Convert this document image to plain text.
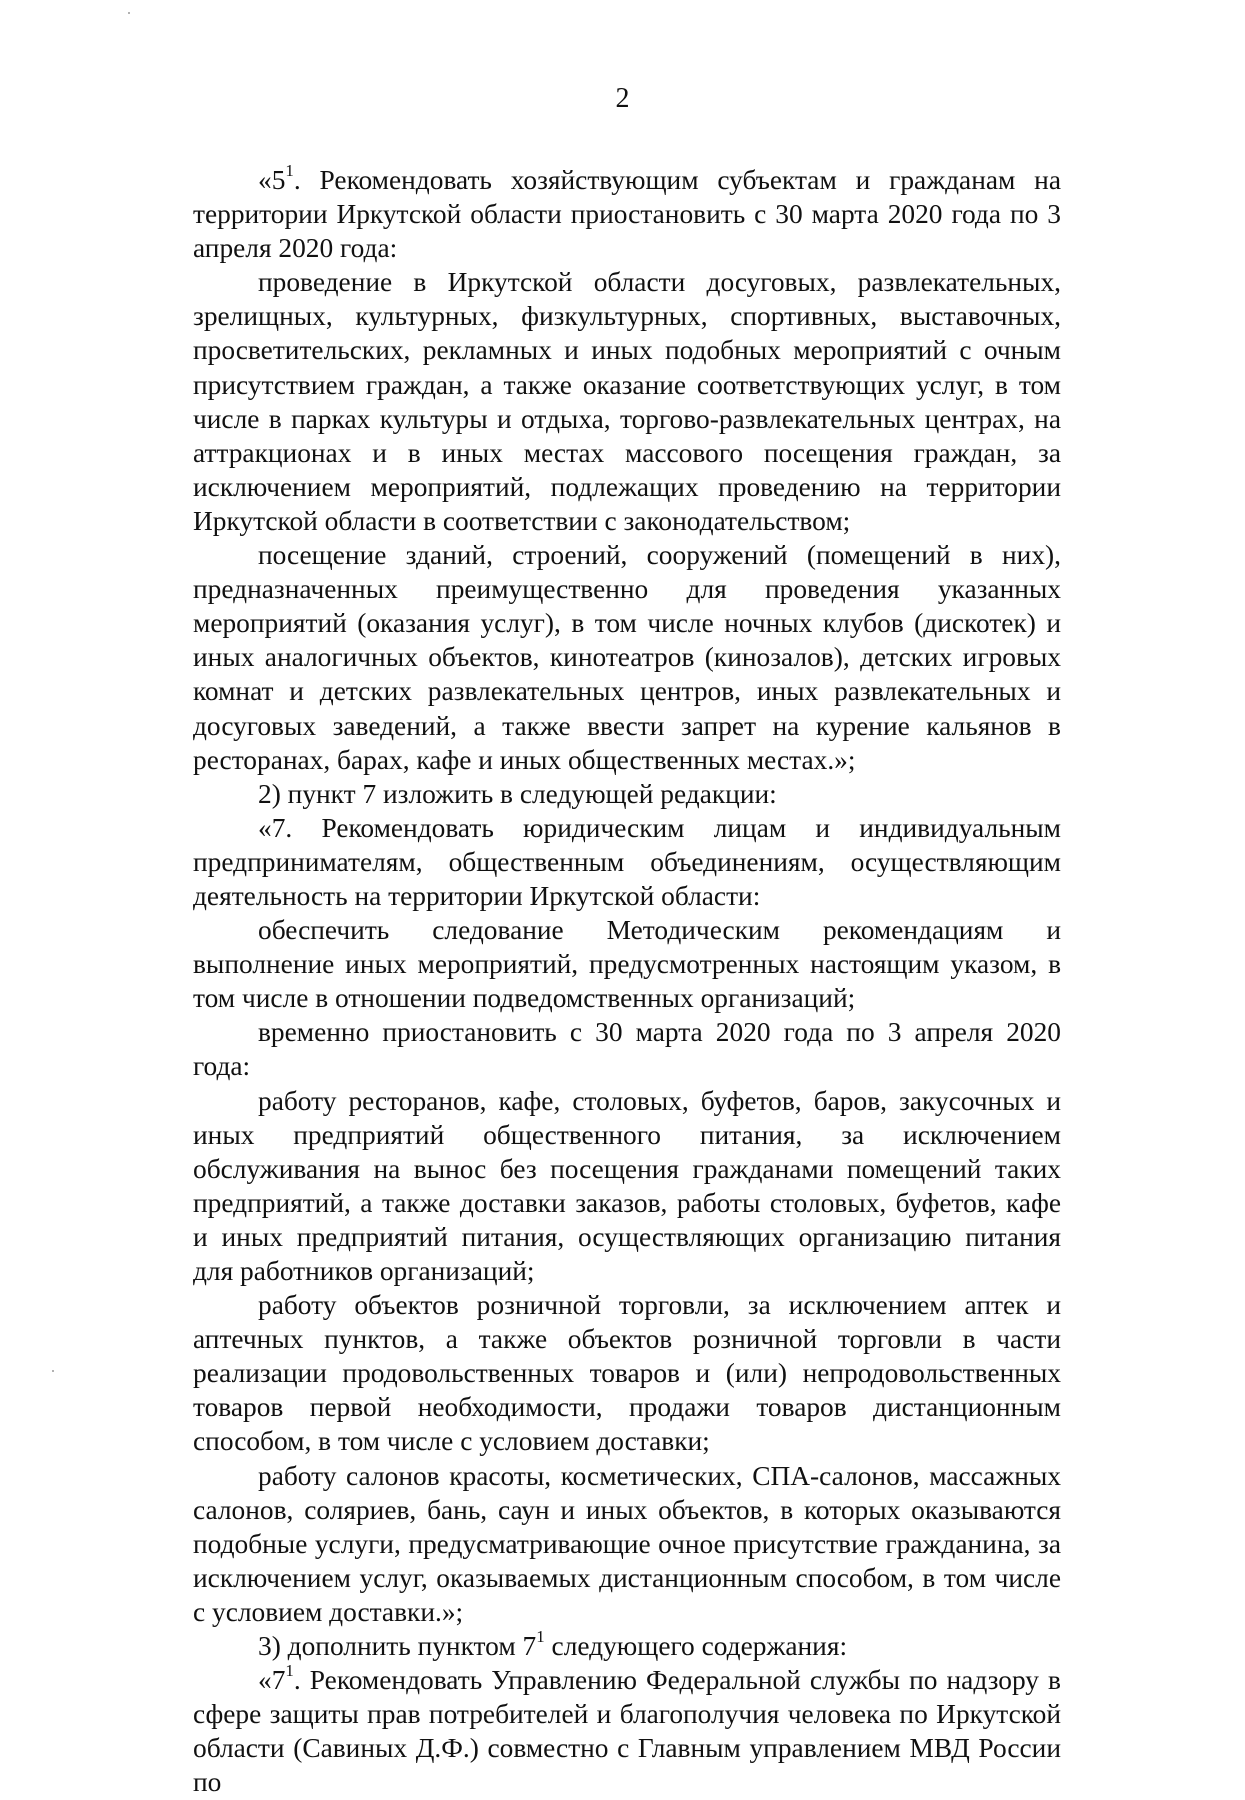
2

«$5^1$. Рекомендовать хозяйствующим субъектам и гражданам на территории Иркутской области приостановить с 30 марта 2020 года по 3 апреля 2020 года:

проведение в Иркутской области досуговых, развлекательных, зрелищных, культурных, физкультурных, спортивных, выставочных, просветительских, рекламных и иных подобных мероприятий с очным присутствием граждан, а также оказание соответствующих услуг, в том числе в парках культуры и отдыха, торгово-развлекательных центрах, на аттракционах и в иных местах массового посещения граждан, за исключением мероприятий, подлежащих проведению на территории Иркутской области в соответствии с законодательством;

посещение зданий, строений, сооружений (помещений в них), предназначенных преимущественно для проведения указанных мероприятий (оказания услуг), в том числе ночных клубов (дискотек) и иных аналогичных объектов, кинотеатров (кинозалов), детских игровых комнат и детских развлекательных центров, иных развлекательных и досуговых заведений, а также ввести запрет на курение кальянов в ресторанах, барах, кафе и иных общественных местах.»;

2) пункт 7 изложить в следующей редакции:

«7. Рекомендовать юридическим лицам и индивидуальным предпринимателям, общественным объединениям, осуществляющим деятельность на территории Иркутской области:

обеспечить следование Методическим рекомендациям и выполнение иных мероприятий, предусмотренных настоящим указом, в том числе в отношении подведомственных организаций;

временно приостановить с 30 марта 2020 года по 3 апреля 2020 года:

работу ресторанов, кафе, столовых, буфетов, баров, закусочных и иных предприятий общественного питания, за исключением обслуживания на вынос без посещения гражданами помещений таких предприятий, а также доставки заказов, работы столовых, буфетов, кафе и иных предприятий питания, осуществляющих организацию питания для работников организаций;

работу объектов розничной торговли, за исключением аптек и аптечных пунктов, а также объектов розничной торговли в части реализации продовольственных товаров и (или) непродовольственных товаров первой необходимости, продажи товаров дистанционным способом, в том числе с условием доставки;

работу салонов красоты, косметических, СПА-салонов, массажных салонов, соляриев, бань, саун и иных объектов, в которых оказываются подобные услуги, предусматривающие очное присутствие гражданина, за исключением услуг, оказываемых дистанционным способом, в том числе с условием доставки.»;

3) дополнить пунктом $7^1$ следующего содержания:

«$7^1$. Рекомендовать Управлению Федеральной службы по надзору в сфере защиты прав потребителей и благополучия человека по Иркутской области (Савиных Д.Ф.) совместно с Главным управлением МВД России по
